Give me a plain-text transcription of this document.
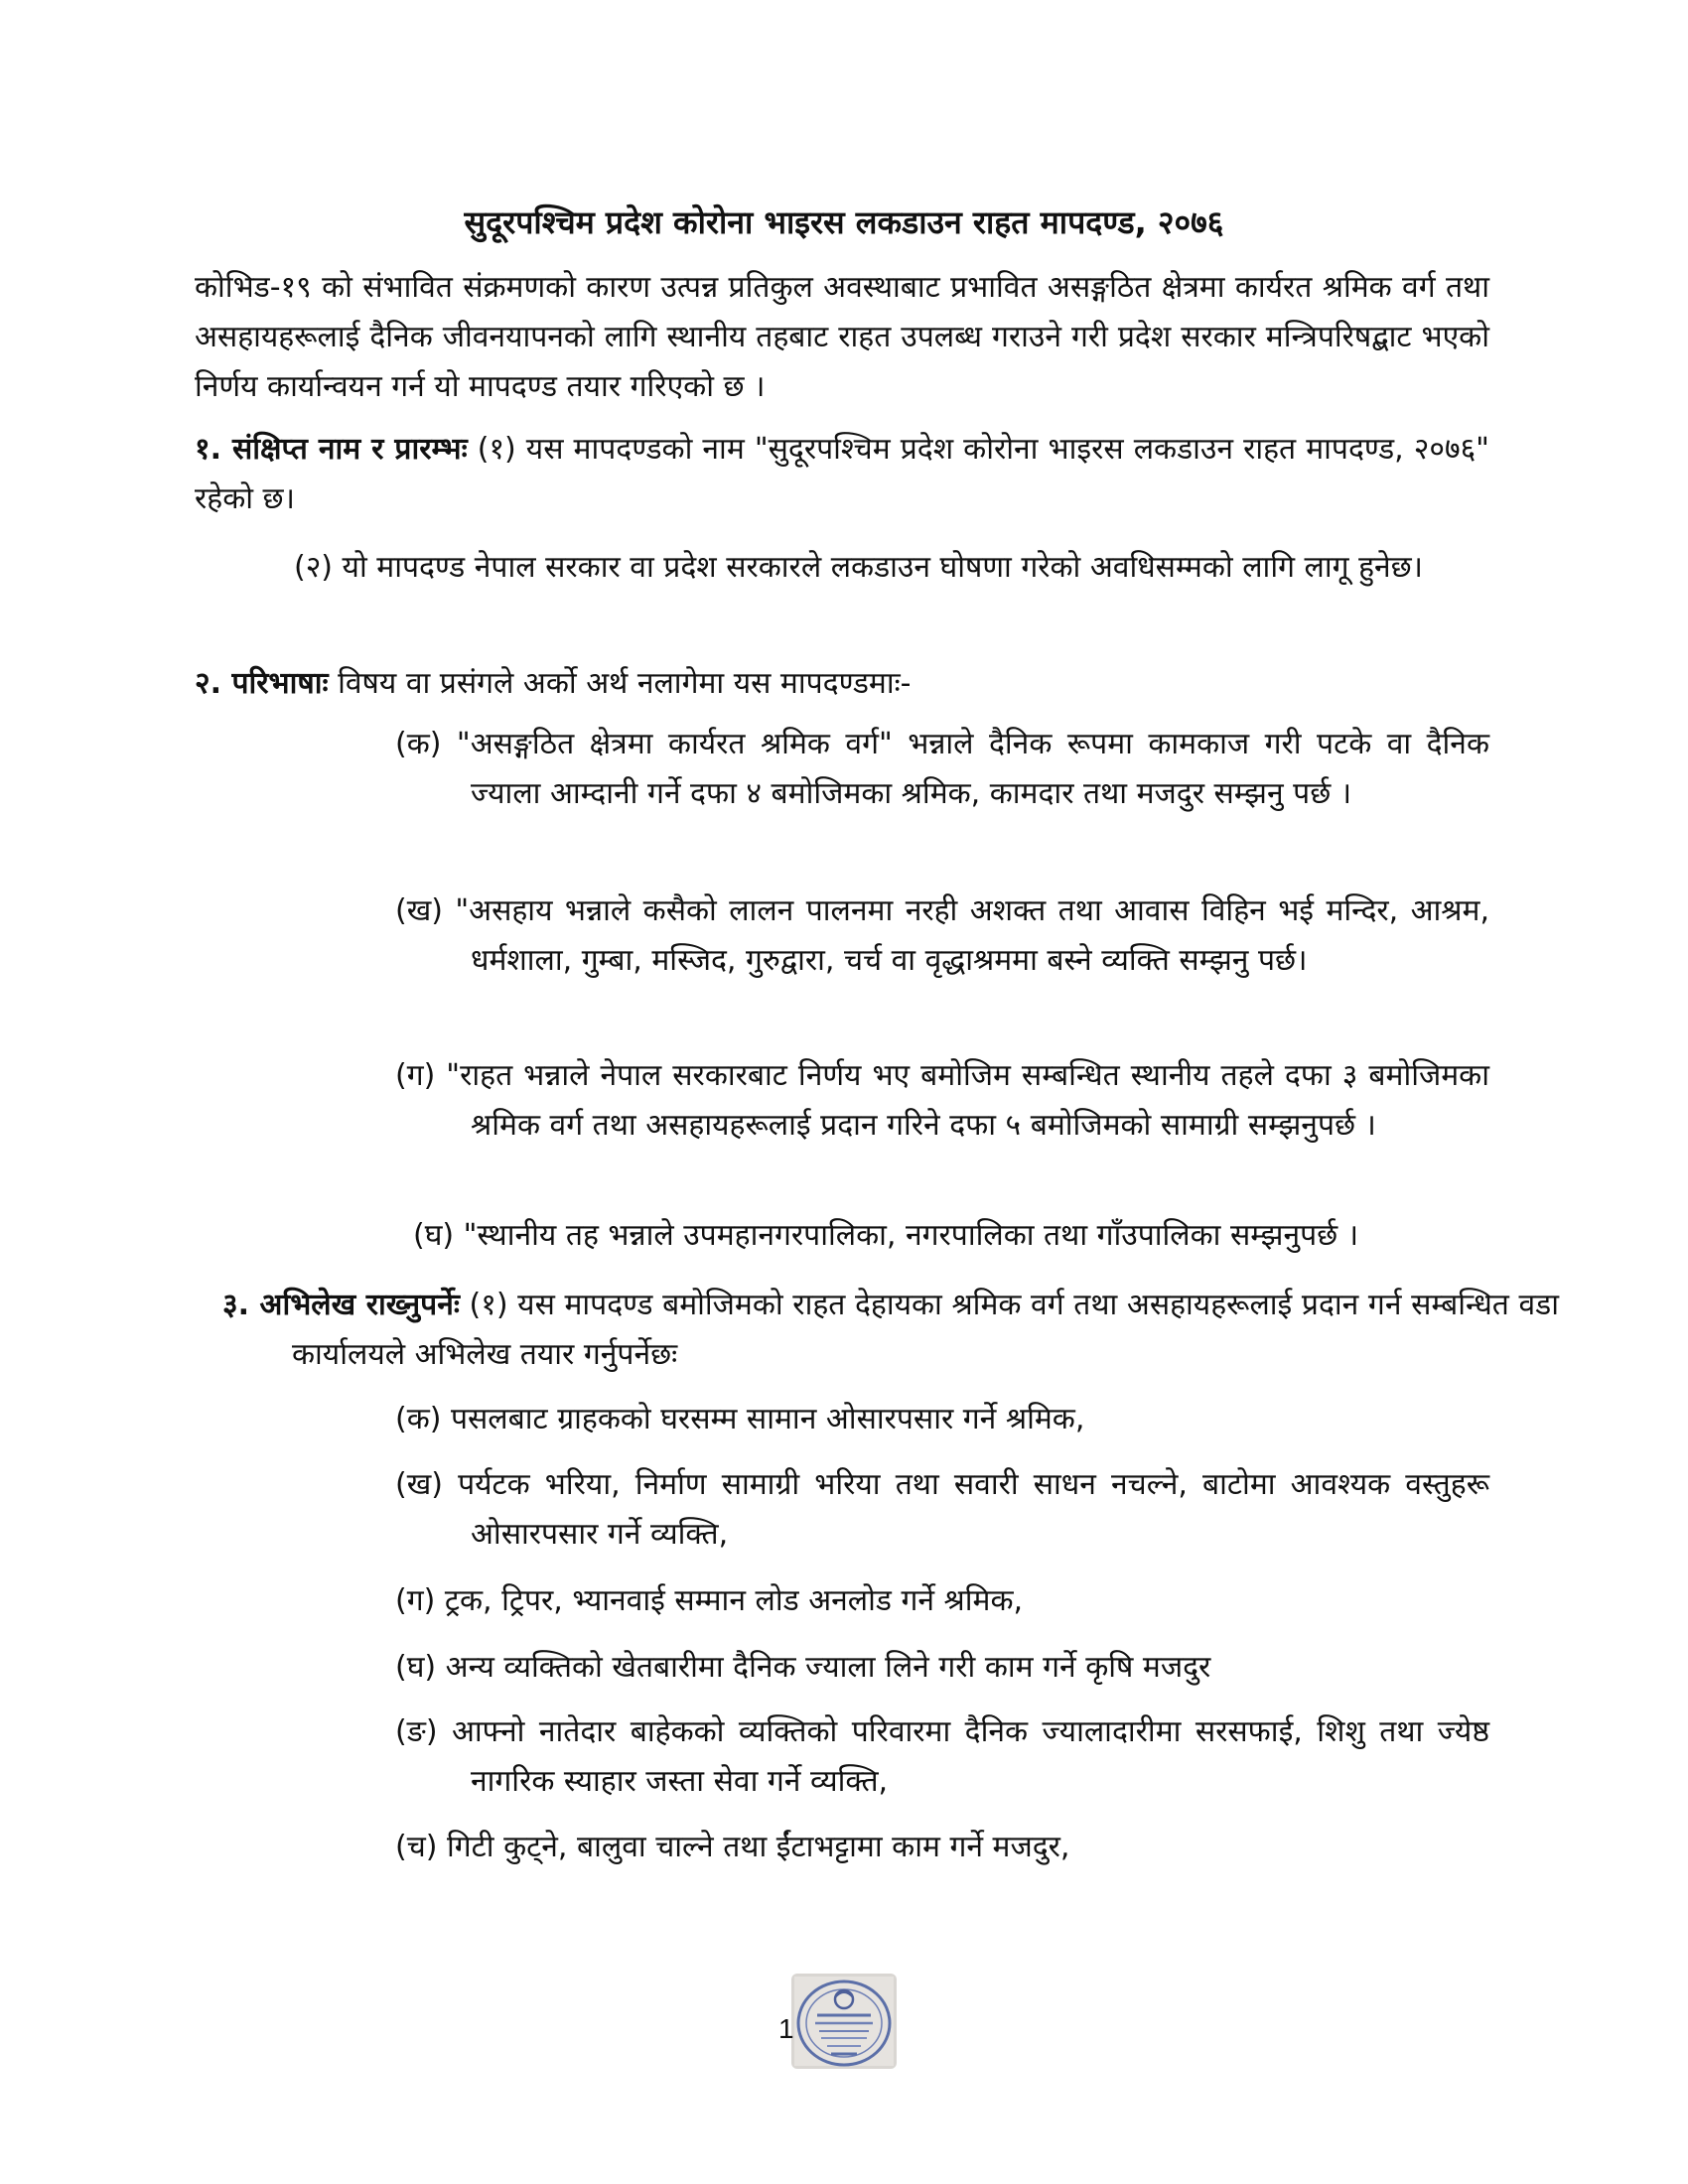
सुदूरपश्चिम प्रदेश कोरोना भाइरस लकडाउन राहत मापदण्ड, २०७६
कोभिड-१९ को संभावित संक्रमणको कारण उत्पन्न प्रतिकुल अवस्थाबाट प्रभावित असङ्गठित क्षेत्रमा कार्यरत श्रमिक वर्ग तथा असहायहरूलाई दैनिक जीवनयापनको लागि स्थानीय तहबाट राहत उपलब्ध गराउने गरी प्रदेश सरकार मन्त्रिपरिषद्बाट भएको निर्णय कार्यान्वयन गर्न यो मापदण्ड तयार गरिएको छ ।
१. संक्षिप्त नाम र प्रारम्भः (१) यस मापदण्डको नाम "सुदूरपश्चिम प्रदेश कोरोना भाइरस लकडाउन राहत मापदण्ड, २०७६" रहेको छ।
(२) यो मापदण्ड नेपाल सरकार वा प्रदेश सरकारले लकडाउन घोषणा गरेको अवधिसम्मको लागि लागू हुनेछ।
२. परिभाषाः विषय वा प्रसंगले अर्को अर्थ नलागेमा यस मापदण्डमाः-
(क) "असङ्गठित क्षेत्रमा कार्यरत श्रमिक वर्ग" भन्नाले दैनिक रूपमा कामकाज गरी पटके वा दैनिक ज्याला आम्दानी गर्ने दफा ४ बमोजिमका श्रमिक, कामदार तथा मजदुर सम्झनु पर्छ ।
(ख) "असहाय भन्नाले कसैको लालन पालनमा नरही अशक्त तथा आवास विहिन भई मन्दिर, आश्रम, धर्मशाला, गुम्बा, मस्जिद, गुरुद्वारा, चर्च वा वृद्धाश्रममा बस्ने व्यक्ति सम्झनु पर्छ।
(ग) "राहत भन्नाले नेपाल सरकारबाट निर्णय भए बमोजिम सम्बन्धित स्थानीय तहले दफा ३ बमोजिमका श्रमिक वर्ग तथा असहायहरूलाई प्रदान गरिने दफा ५ बमोजिमको सामाग्री सम्झनुपर्छ ।
(घ) "स्थानीय तह भन्नाले उपमहानगरपालिका, नगरपालिका तथा गाँउपालिका सम्झनुपर्छ ।
३. अभिलेख राख्नुपर्नेः (१) यस मापदण्ड बमोजिमको राहत देहायका श्रमिक वर्ग तथा असहायहरूलाई प्रदान गर्न सम्बन्धित वडा कार्यालयले अभिलेख तयार गर्नुपर्नेछः
(क) पसलबाट ग्राहकको घरसम्म सामान ओसारपसार गर्ने श्रमिक,
(ख) पर्यटक भरिया, निर्माण सामाग्री भरिया तथा सवारी साधन नचल्ने, बाटोमा आवश्यक वस्तुहरू ओसारपसार गर्ने व्यक्ति,
(ग) ट्रक, ट्रिपर, भ्यानवाई सम्मान लोड अनलोड गर्ने श्रमिक,
(घ) अन्य व्यक्तिको खेतबारीमा दैनिक ज्याला लिने गरी काम गर्ने कृषि मजदुर
(ङ) आफ्नो नातेदार बाहेकको व्यक्तिको परिवारमा दैनिक ज्यालादारीमा सरसफाई, शिशु तथा ज्येष्ठ नागरिक स्याहार जस्ता सेवा गर्ने व्यक्ति,
(च) गिटी कुट्ने, बालुवा चाल्ने तथा ईंटाभट्टामा काम गर्ने मजदुर,
1
